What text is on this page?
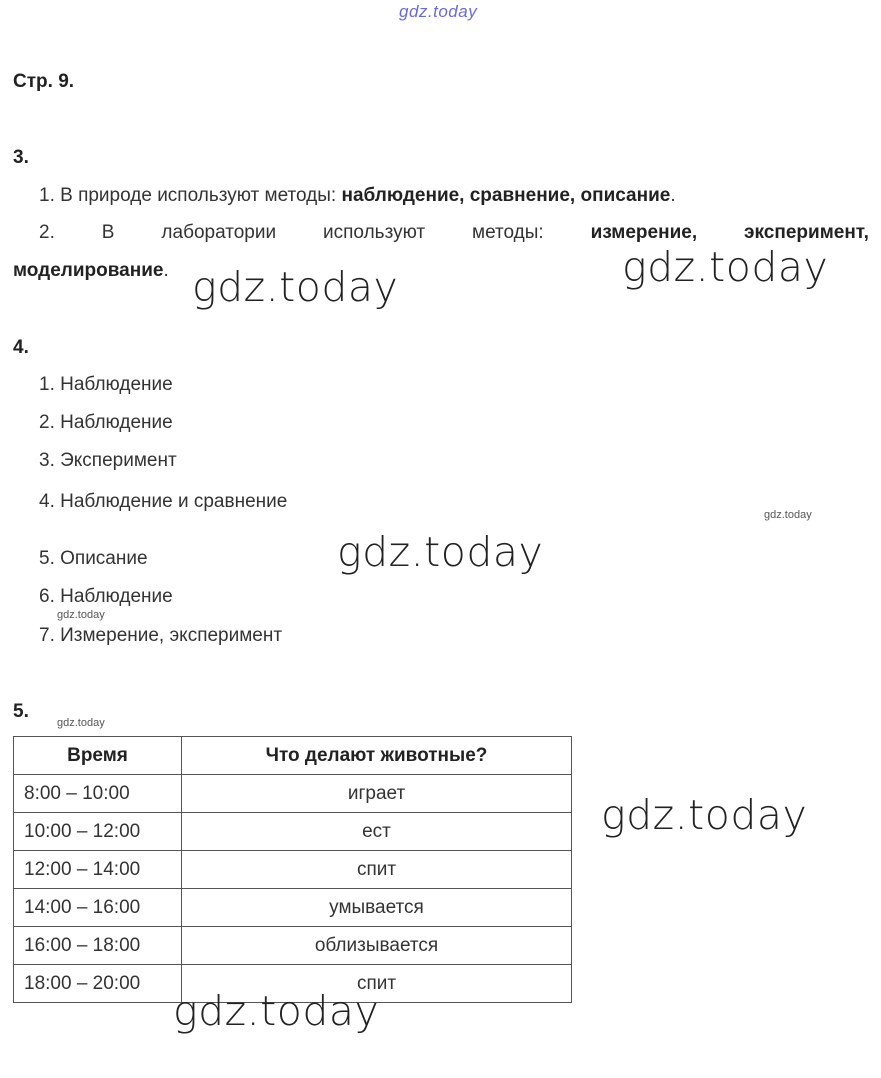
gdz.today
Стр. 9.
3.
1. В природе используют методы: наблюдение, сравнение, описание.
2. В лаборатории используют методы: измерение, эксперимент,
моделирование.	gdz.today
gdz.today
4.
1. Наблюдение
2. Наблюдение
3. Эксперимент
4. Наблюдение и сравнение
gdz.today
5. Описание	gdz.today
6. Наблюдение
gdz.today
7. Измерение, эксперимент
5.
gdz.today
Время	Что делают животные?
8:00 – 10:00	играет
10:00 – 12:00	ест
12:00 – 14:00	спит
14:00 – 16:00	умывается
16:00 – 18:00	облизывается
18:00 – 20:00	спит
gdz.today
gdz.today
